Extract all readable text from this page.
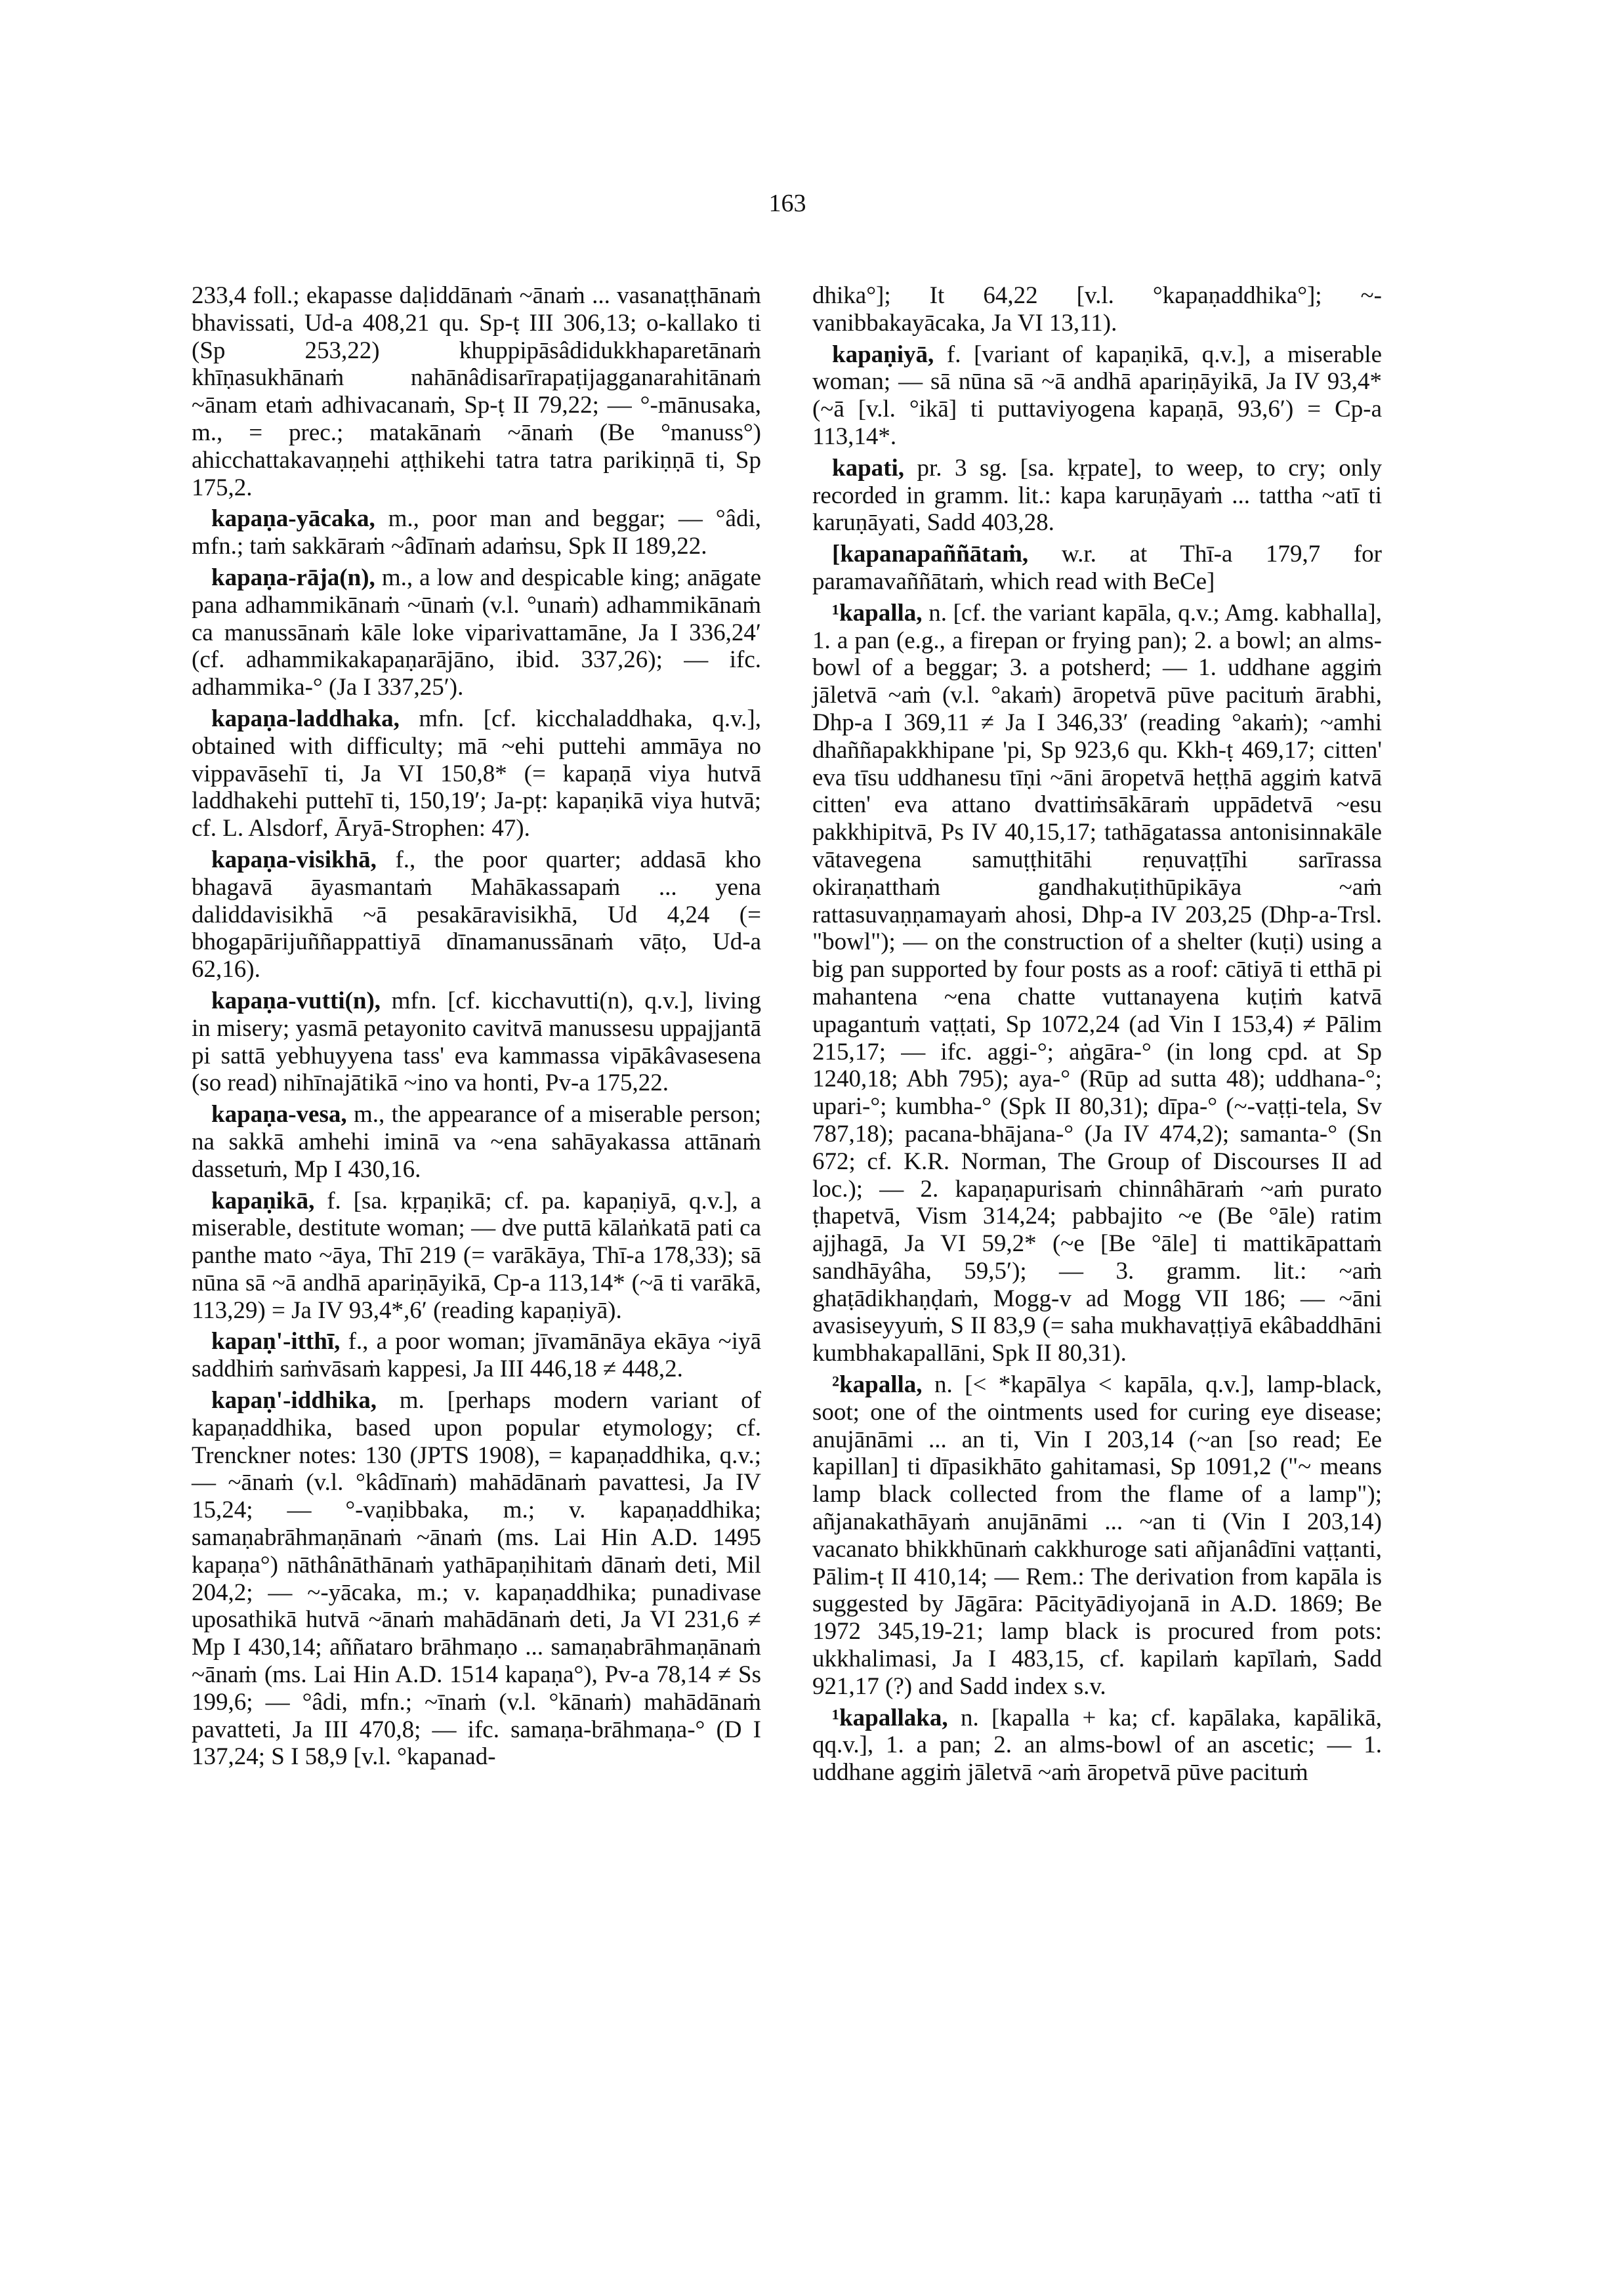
163

233,4 foll.; ekapasse daḷiddānaṁ ~ānaṁ ... vasanaṭṭhānaṁ bhavissati, Ud-a 408,21 qu. Sp-ṭ III 306,13; o-kallako ti (Sp 253,22) khuppipāsâdidukkhaparetānaṁ khīṇasukhānaṁ nahānâdisarīrapaṭijagganarahitānaṁ ~ānam etaṁ adhivacanaṁ, Sp-ṭ II 79,22; — °-mānusaka, m., = prec.; matakānaṁ ~ānaṁ (Be °manuss°) ahicchattakavaṇṇehi aṭṭhikehi tatra tatra parikiṇṇā ti, Sp 175,2.

kapaṇa-yācaka, m., poor man and beggar; — °âdi, mfn.; taṁ sakkāraṁ ~âdīnaṁ adaṁsu, Spk II 189,22.

kapaṇa-rāja(n), m., a low and despicable king; anāgate pana adhammikānaṁ ~ūnaṁ (v.l. °unaṁ) adhammikānaṁ ca manussānaṁ kāle loke viparivattamāne, Ja I 336,24′ (cf. adhammikakapaṇarājāno, ibid. 337,26); — ifc. adhammika-° (Ja I 337,25′).

kapaṇa-laddhaka, mfn. [cf. kicchaladdhaka, q.v.], obtained with difficulty; mā ~ehi puttehi ammāya no vippavāsehī ti, Ja VI 150,8* (= kapaṇā viya hutvā laddhakehi puttehī ti, 150,19′; Ja-pṭ: kapaṇikā viya hutvā; cf. L. Alsdorf, Āryā-Strophen: 47).

kapaṇa-visikhā, f., the poor quarter; addasā kho bhagavā āyasmantaṁ Mahākassapaṁ ... yena daliddavisikhā ~ā pesakāravisikhā, Ud 4,24 (= bhogapārijuññappattiyā dīnamanussānaṁ vāṭo, Ud-a 62,16).

kapaṇa-vutti(n), mfn. [cf. kicchavutti(n), q.v.], living in misery; yasmā petayonito cavitvā manussesu uppajjantā pi sattā yebhuyyena tass' eva kammassa vipākâvasesena (so read) nihīnajātikā ~ino va honti, Pv-a 175,22.

kapaṇa-vesa, m., the appearance of a miserable person; na sakkā amhehi iminā va ~ena sahāyakassa attānaṁ dassetuṁ, Mp I 430,16.

kapaṇikā, f. [sa. kṛpaṇikā; cf. pa. kapaṇiyā, q.v.], a miserable, destitute woman; — dve puttā kālaṅkatā pati ca panthe mato ~āya, Thī 219 (= varākāya, Thī-a 178,33); sā nūna sā ~ā andhā apariṇāyikā, Cp-a 113,14* (~ā ti varākā, 113,29) = Ja IV 93,4*,6′ (reading kapaṇiyā).

kapaṇ'-itthī, f., a poor woman; jīvamānāya ekāya ~iyā saddhiṁ saṁvāsaṁ kappesi, Ja III 446,18 ≠ 448,2.

kapaṇ'-iddhika, m. [perhaps modern variant of kapaṇaddhika, based upon popular etymology; cf. Trenckner notes: 130 (JPTS 1908), = kapaṇaddhika, q.v.; — ~ānaṁ (v.l. °kâdīnaṁ) mahādānaṁ pavattesi, Ja IV 15,24; — °-vaṇibbaka, m.; v. kapaṇaddhika; samaṇabrāhmaṇānaṁ ~ānaṁ (ms. Lai Hin A.D. 1495 kapaṇa°) nāthânāthānaṁ yathāpaṇihitaṁ dānaṁ deti, Mil 204,2; — ~-yācaka, m.; v. kapaṇaddhika; punadivase uposathikā hutvā ~ānaṁ mahādānaṁ deti, Ja VI 231,6 ≠ Mp I 430,14; aññataro brāhmaṇo ... samaṇabrāhmaṇānaṁ ~ānaṁ (ms. Lai Hin A.D. 1514 kapaṇa°), Pv-a 78,14 ≠ Ss 199,6; — °âdi, mfn.; ~īnaṁ (v.l. °kānaṁ) mahādānaṁ pavatteti, Ja III 470,8; — ifc. samaṇa-brāhmaṇa-° (D I 137,24; S I 58,9 [v.l. °kapanad-

dhika°]; It 64,22 [v.l. °kapaṇaddhika°]; ~-vanibbakayācaka, Ja VI 13,11).

kapaṇiyā, f. [variant of kapaṇikā, q.v.], a miserable woman; — sā nūna sā ~ā andhā apariṇāyikā, Ja IV 93,4* (~ā [v.l. °ikā] ti puttaviyogena kapaṇā, 93,6′) = Cp-a 113,14*.

kapati, pr. 3 sg. [sa. kṛpate], to weep, to cry; only recorded in gramm. lit.: kapa karuṇāyaṁ ... tattha ~atī ti karuṇāyati, Sadd 403,28.

[kapanapaññātaṁ, w.r. at Thī-a 179,7 for paramavaññātaṁ, which read with BeCe]

¹kapalla, n. [cf. the variant kapāla, q.v.; Amg. kabhalla], 1. a pan (e.g., a firepan or frying pan); 2. a bowl; an alms-bowl of a beggar; 3. a potsherd; — 1. uddhane aggiṁ jāletvā ~aṁ (v.l. °akaṁ) āropetvā pūve pacituṁ ārabhi, Dhp-a I 369,11 ≠ Ja I 346,33′ (reading °akaṁ); ~amhi dhaññapakkhipane 'pi, Sp 923,6 qu. Kkh-ṭ 469,17; citten' eva tīsu uddhanesu tīṇi ~āni āropetvā heṭṭhā aggiṁ katvā citten' eva attano dvattiṁsākāraṁ uppādetvā ~esu pakkhipitvā, Ps IV 40,15,17; tathāgatassa antonisinnakāle vātavegena samuṭṭhitāhi reṇuvaṭṭīhi sarīrassa okiraṇatthaṁ gandhakuṭithūpikāya ~aṁ rattasuvaṇṇamayaṁ ahosi, Dhp-a IV 203,25 (Dhp-a-Trsl. "bowl"); — on the construction of a shelter (kuṭi) using a big pan supported by four posts as a roof: cātiyā ti etthā pi mahantena ~ena chatte vuttanayena kuṭiṁ katvā upagantuṁ vaṭṭati, Sp 1072,24 (ad Vin I 153,4) ≠ Pālim 215,17; — ifc. aggi-°; aṅgāra-° (in long cpd. at Sp 1240,18; Abh 795); aya-° (Rūp ad sutta 48); uddhana-°; upari-°; kumbha-° (Spk II 80,31); dīpa-° (~-vaṭṭi-tela, Sv 787,18); pacana-bhājana-° (Ja IV 474,2); samanta-° (Sn 672; cf. K.R. Norman, The Group of Discourses II ad loc.); — 2. kapaṇapurisaṁ chinnâhāraṁ ~aṁ purato ṭhapetvā, Vism 314,24; pabbajito ~e (Be °āle) ratim ajjhagā, Ja VI 59,2* (~e [Be °āle] ti mattikāpattaṁ sandhāyâha, 59,5′); — 3. gramm. lit.: ~aṁ ghaṭādikhaṇḍaṁ, Mogg-v ad Mogg VII 186; — ~āni avasiseyyuṁ, S II 83,9 (= saha mukhavaṭṭiyā ekâbaddhāni kumbhakapallāni, Spk II 80,31).

²kapalla, n. [< *kapālya < kapāla, q.v.], lamp-black, soot; one of the ointments used for curing eye disease; anujānāmi ... an ti, Vin I 203,14 (~an [so read; Ee kapillan] ti dīpasikhāto gahitamasi, Sp 1091,2 ("~ means lamp black collected from the flame of a lamp"); añjanakathāyaṁ anujānāmi ... ~an ti (Vin I 203,14) vacanato bhikkhūnaṁ cakkhuroge sati añjanâdīni vaṭṭanti, Pālim-ṭ II 410,14; — Rem.: The derivation from kapāla is suggested by Jāgāra: Pācityādiyojanā in A.D. 1869; Be 1972 345,19-21; lamp black is procured from pots: ukkhalimasi, Ja I 483,15, cf. kapilaṁ kapīlaṁ, Sadd 921,17 (?) and Sadd index s.v.

¹kapallaka, n. [kapalla + ka; cf. kapālaka, kapālikā, qq.v.], 1. a pan; 2. an alms-bowl of an ascetic; — 1. uddhane aggiṁ jāletvā ~aṁ āropetvā pūve pacituṁ
